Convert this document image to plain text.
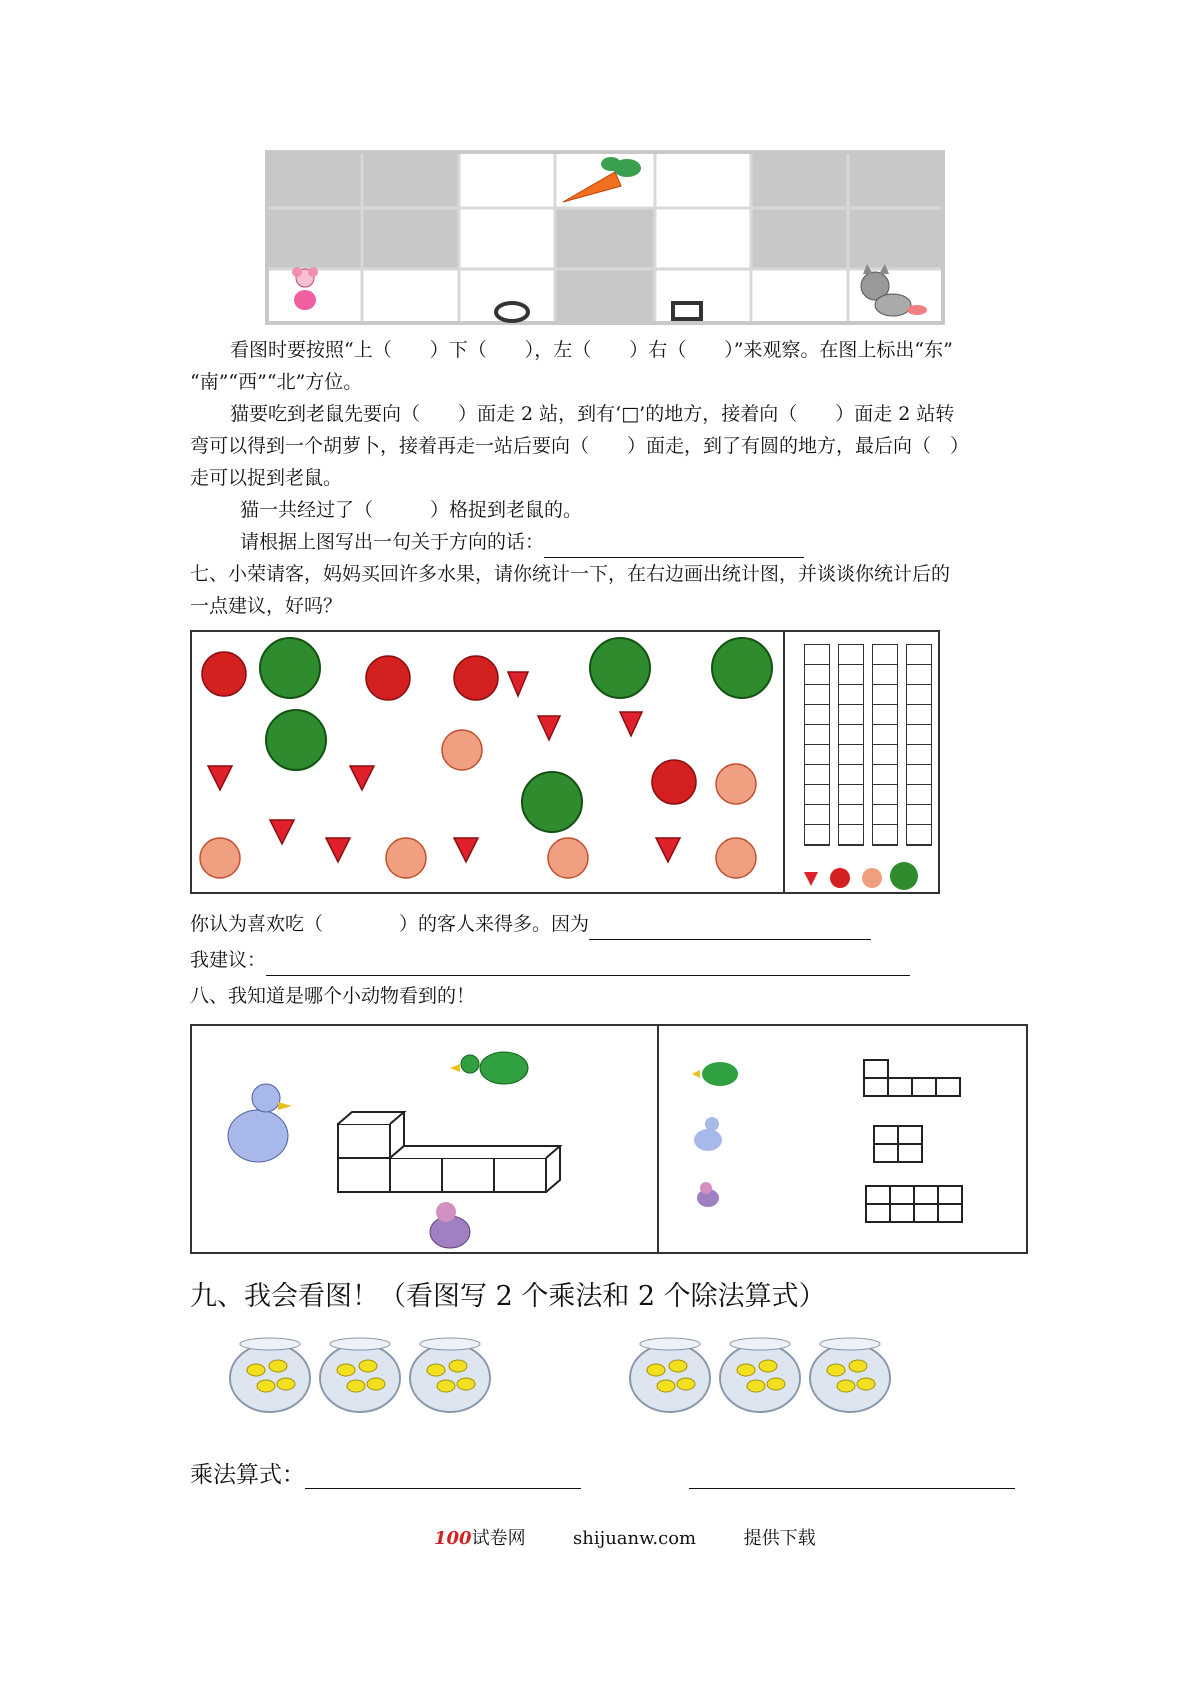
看图时要按照“上（　　）下（　　），左（　　）右（　　）”来观察。在图上标出“东”
“南”“西”“北”方位。
猫要吃到老鼠先要向（　　）面走 2 站，到有‘□’的地方，接着向（　　）面走 2 站转
弯可以得到一个胡萝卜，接着再走一站后要向（　　）面走，到了有圆的地方，最后向（　）
走可以捉到老鼠。
猫一共经过了（　　　）格捉到老鼠的。
请根据上图写出一句关于方向的话：
七、小荣请客，妈妈买回许多水果，请你统计一下，在右边画出统计图，并谈谈你统计后的
一点建议，好吗？
你认为喜欢吃（　　　　）的客人来得多。因为
我建议：
八、我知道是哪个小动物看到的！
九、我会看图！（看图写 2 个乘法和 2 个除法算式）
乘法算式：
100试卷网	shijuanw.com	提供下载
